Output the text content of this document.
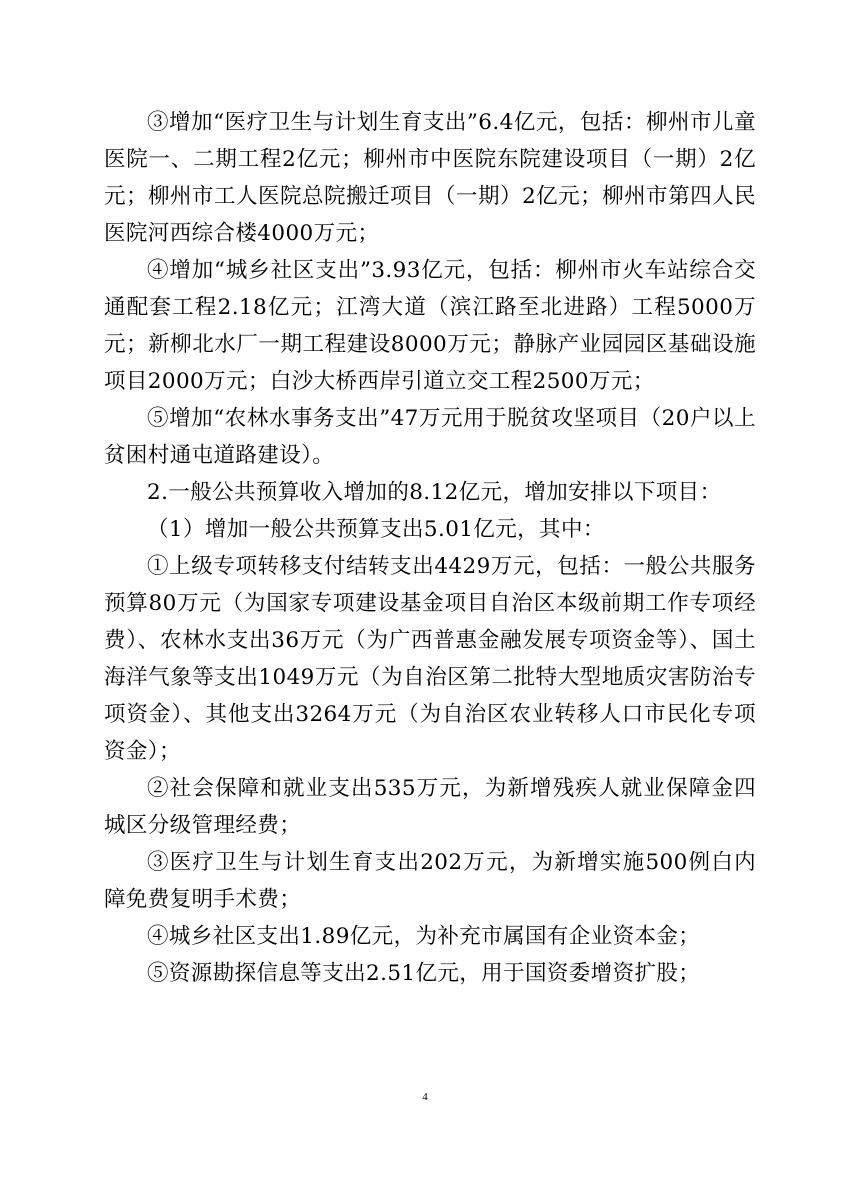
③增加“医疗卫生与计划生育支出”6.4亿元，包括：柳州市儿童医院一、二期工程2亿元；柳州市中医院东院建设项目（一期）2亿元；柳州市工人医院总院搬迁项目（一期）2亿元；柳州市第四人民医院河西综合楼4000万元；

④增加“城乡社区支出”3.93亿元，包括：柳州市火车站综合交通配套工程2.18亿元；江湾大道（滨江路至北进路）工程5000万元；新柳北水厂一期工程建设8000万元；静脉产业园园区基础设施项目2000万元；白沙大桥西岸引道立交工程2500万元；

⑤增加“农林水事务支出”47万元用于脱贫攻坚项目（20户以上贫困村通屯道路建设）。

2.一般公共预算收入增加的8.12亿元，增加安排以下项目：

（1）增加一般公共预算支出5.01亿元，其中：

①上级专项转移支付结转支出4429万元，包括：一般公共服务预算80万元（为国家专项建设基金项目自治区本级前期工作专项经费）、农林水支出36万元（为广西普惠金融发展专项资金等）、国土海洋气象等支出1049万元（为自治区第二批特大型地质灾害防治专项资金）、其他支出3264万元（为自治区农业转移人口市民化专项资金）；

②社会保障和就业支出535万元，为新增残疾人就业保障金四城区分级管理经费；

③医疗卫生与计划生育支出202万元，为新增实施500例白内障免费复明手术费；

④城乡社区支出1.89亿元，为补充市属国有企业资本金；

⑤资源勘探信息等支出2.51亿元，用于国资委增资扩股；

4
